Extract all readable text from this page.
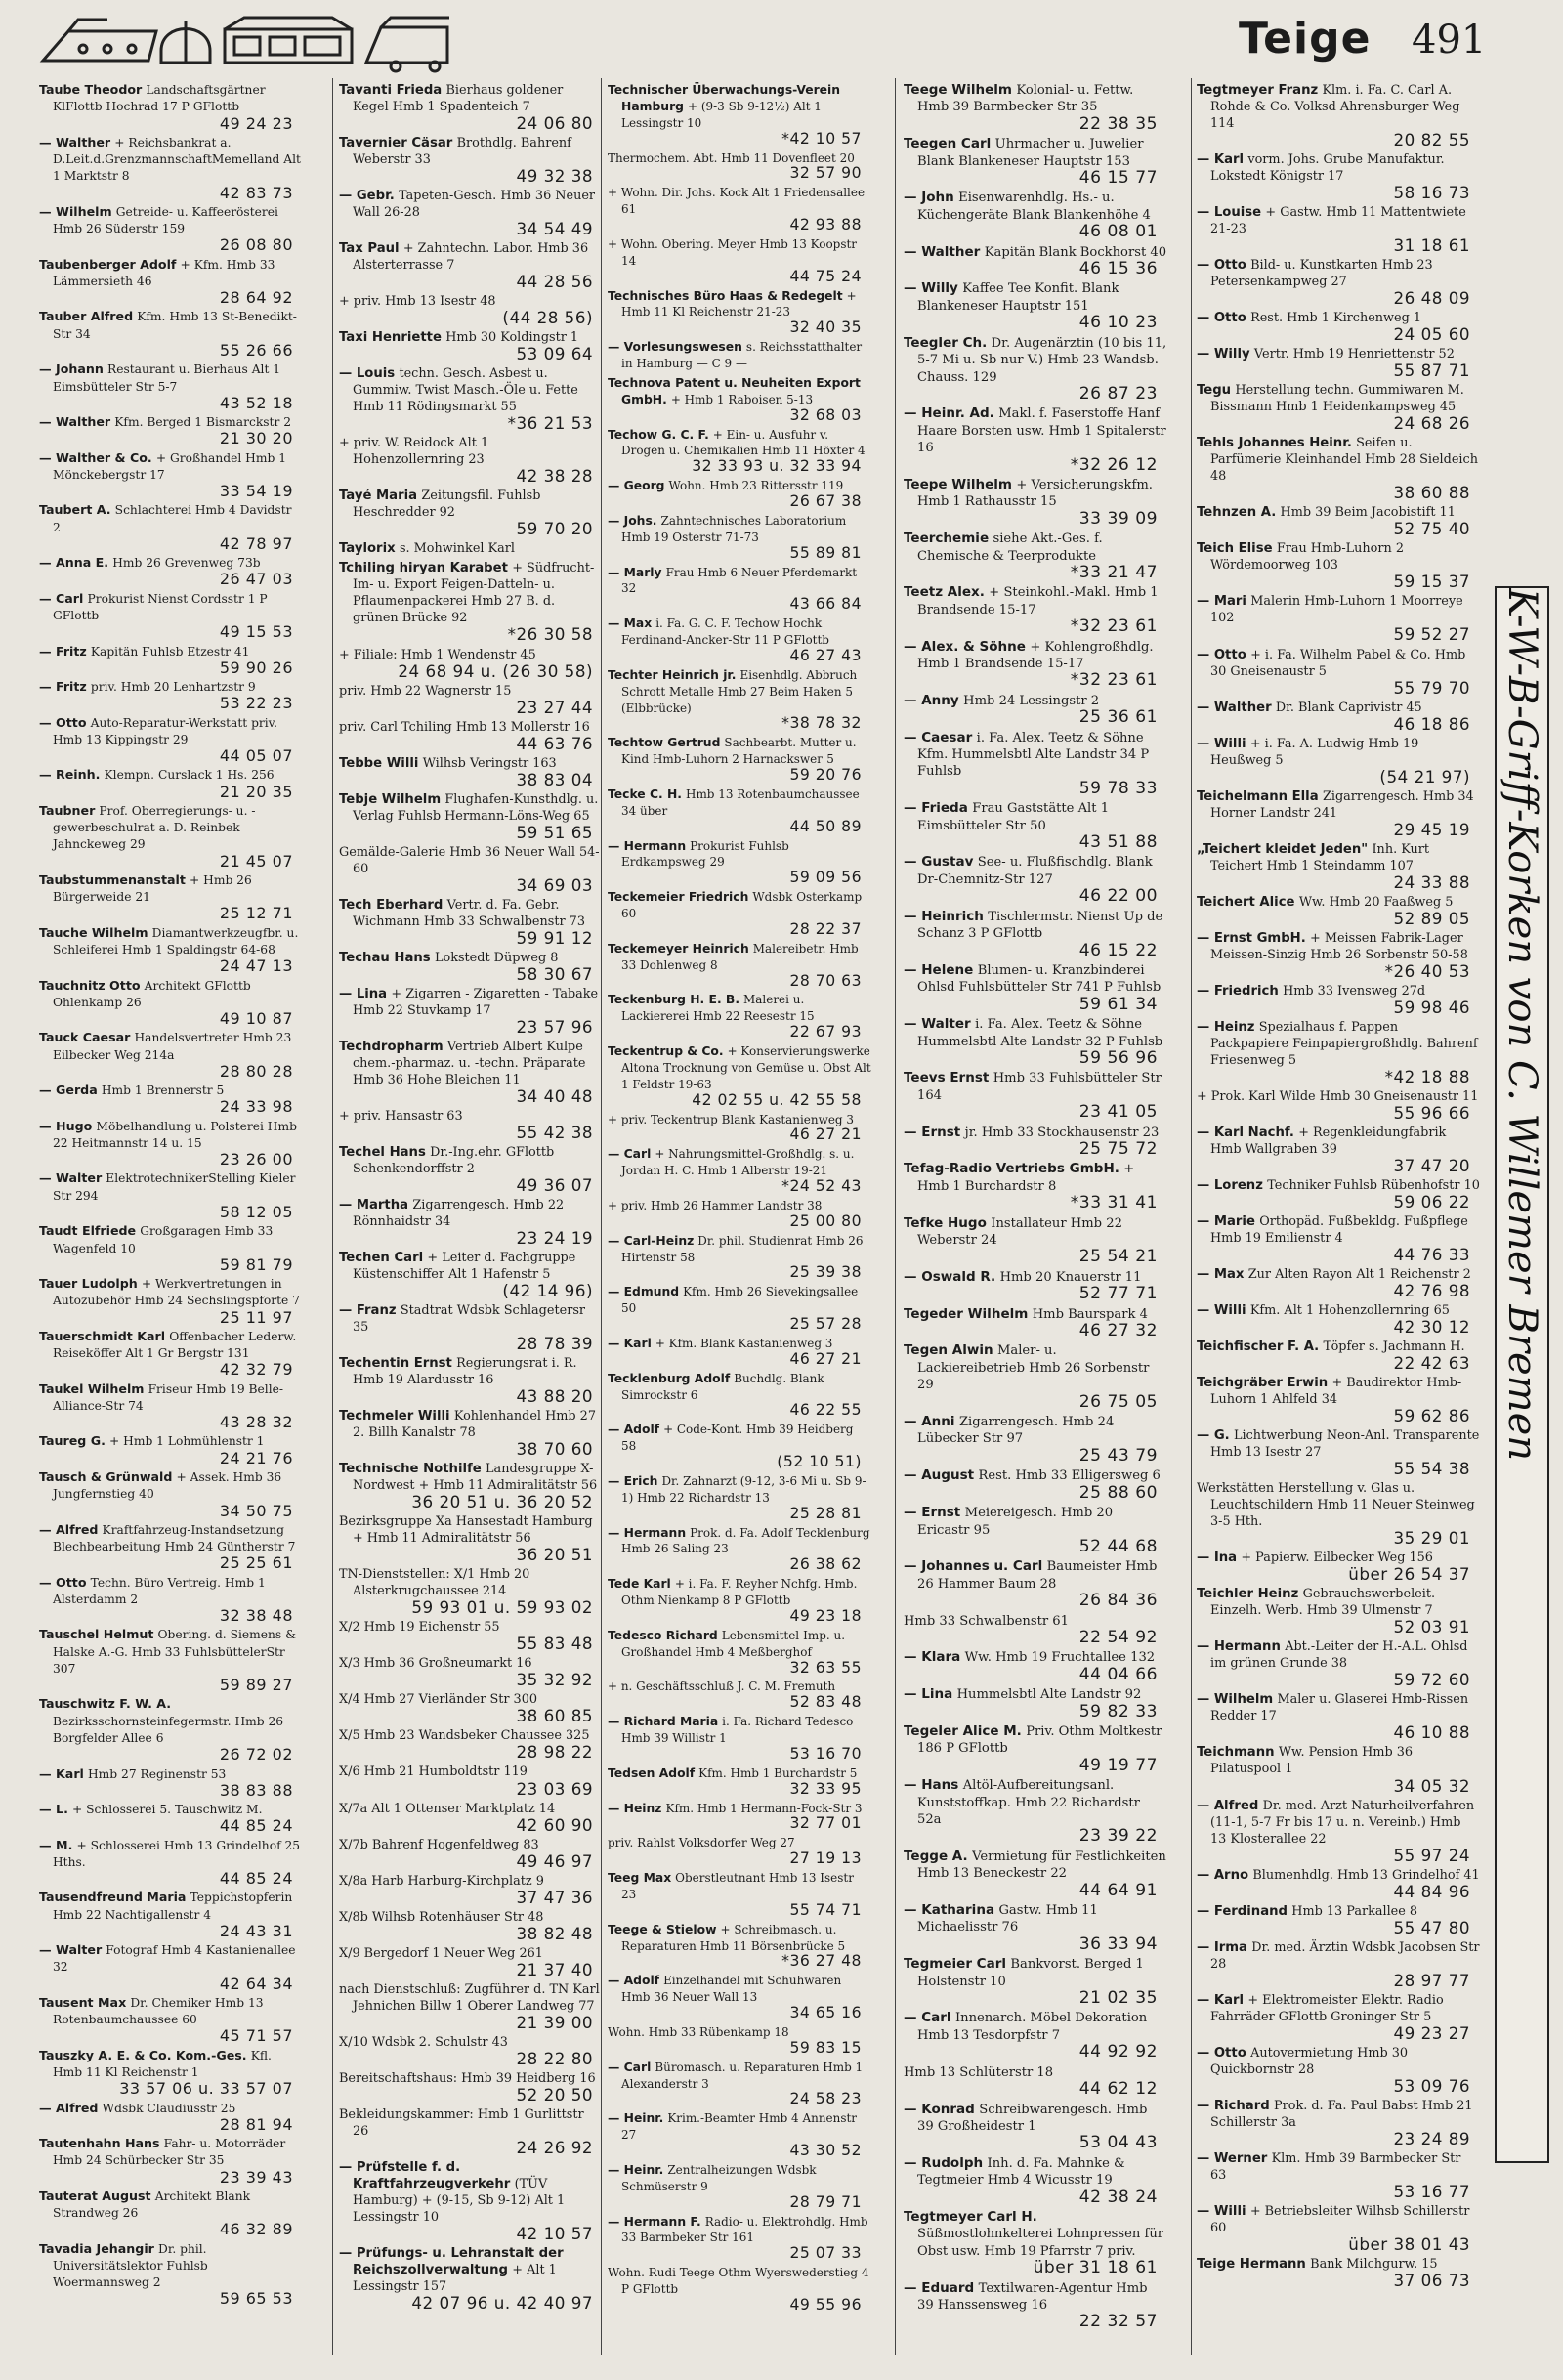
Teige 491
Taube Theodor Landschaftsgärtner KlFlottb Hochrad 17 P GFlottb
49 24 23
— Walther + Reichsbankrat a. D.Leit.d.GrenzmannschaftMemelland Alt 1 Marktstr 8
42 83 73
— Wilhelm Getreide- u. Kaffeerösterei Hmb 26 Süderstr 159
26 08 80
Taubenberger Adolf + Kfm. Hmb 33 Lämmersieth 46
28 64 92
Tauber Alfred Kfm. Hmb 13 St-Benedikt-Str 34
55 26 66
— Johann Restaurant u. Bierhaus Alt 1 Eimsbütteler Str 5-7
43 52 18
— Walther Kfm. Berged 1 Bismarckstr 2
21 30 20
— Walther & Co. + Großhandel Hmb 1 Mönckebergstr 17
33 54 19
Taubert A. Schlachterei Hmb 4 Davidstr 2
42 78 97
— Anna E. Hmb 26 Grevenweg 73b
26 47 03
— Carl Prokurist Nienst Cordsstr 1 P GFlottb
49 15 53
— Fritz Kapitän Fuhlsb Etzestr 41
59 90 26
— Fritz priv. Hmb 20 Lenhartzstr 9
53 22 23
— Otto Auto-Reparatur-Werkstatt priv. Hmb 13 Kippingstr 29
44 05 07
— Reinh. Klempn. Curslack 1 Hs. 256
21 20 35
Taubner Prof. Oberregierungs- u. -gewerbeschulrat a. D. Reinbek Jahnckeweg 29
21 45 07
Taubstummenanstalt + Hmb 26 Bürgerweide 21
25 12 71
Tauche Wilhelm Diamantwerkzeugfbr. u. Schleiferei Hmb 1 Spaldingstr 64-68
24 47 13
Tauchnitz Otto Architekt GFlottb Ohlenkamp 26
49 10 87
Tauck Caesar Handelsvertreter Hmb 23 Eilbecker Weg 214a
28 80 28
— Gerda Hmb 1 Brennerstr 5
24 33 98
— Hugo Möbelhandlung u. Polsterei Hmb 22 Heitmannstr 14 u. 15
23 26 00
— Walter ElektrotechnikerStelling Kieler Str 294
58 12 05
Taudt Elfriede Großgaragen Hmb 33 Wagenfeld 10
59 81 79
Tauer Ludolph + Werkvertretungen in Autozubehör Hmb 24 Sechslingspforte 7
25 11 97
Tauerschmidt Karl Offenbacher Lederw. Reiseköffer Alt 1 Gr Bergstr 131
42 32 79
Taukel Wilhelm Friseur Hmb 19 Belle-Alliance-Str 74
43 28 32
Taureg G. + Hmb 1 Lohmühlenstr 1
24 21 76
Tausch & Grünwald + Assek. Hmb 36 Jungfernstieg 40
34 50 75
— Alfred Kraftfahrzeug-Instandsetzung Blechbearbeitung Hmb 24 Güntherstr 7
25 25 61
— Otto Techn. Büro Vertreig. Hmb 1 Alsterdamm 2
32 38 48
Tauschel Helmut Obering. d. Siemens & Halske A.-G. Hmb 33 FuhlsbüttelerStr 307
59 89 27
Tauschwitz F. W. A. Bezirksschornsteinfegermstr. Hmb 26 Borgfelder Allee 6
26 72 02
— Karl Hmb 27 Reginenstr 53
38 83 88
— L. + Schlosserei 5. Tauschwitz M.
44 85 24
— M. + Schlosserei Hmb 13 Grindelhof 25 Hths.
44 85 24
Tausendfreund Maria Teppichstopferin Hmb 22 Nachtigallenstr 4
24 43 31
— Walter Fotograf Hmb 4 Kastanienallee 32
42 64 34
Tausent Max Dr. Chemiker Hmb 13 Rotenbaumchaussee 60
45 71 57
Tauszky A. E. & Co. Kom.-Ges. Kfl. Hmb 11 Kl Reichenstr 1
33 57 06 u. 33 57 07
— Alfred Wdsbk Claudiusstr 25
28 81 94
Tautenhahn Hans Fahr- u. Motorräder Hmb 24 Schürbecker Str 35
23 39 43
Tauterat August Architekt Blank Strandweg 26
46 32 89
Tavadia Jehangir Dr. phil. Universitätslektor Fuhlsb Woermannsweg 2
59 65 53
Tavanti Frieda Bierhaus goldener Kegel Hmb 1 Spadenteich 7
24 06 80
Tavernier Cäsar Brothdlg. Bahrenf Weberstr 33
49 32 38
— Gebr. Tapeten-Gesch. Hmb 36 Neuer Wall 26-28
34 54 49
Tax Paul + Zahntechn. Labor. Hmb 36 Alsterterrasse 7
44 28 56
+ priv. Hmb 13 Isestr 48
(44 28 56)
Taxi Henriette Hmb 30 Koldingstr 1
53 09 64
— Louis techn. Gesch. Asbest u. Gummiw. Twist Masch.-Öle u. Fette Hmb 11 Rödingsmarkt 55
*36 21 53
+ priv. W. Reidock Alt 1 Hohenzollernring 23
42 38 28
Tayé Maria Zeitungsfil. Fuhlsb Heschredder 92
59 70 20
Taylorix s. Mohwinkel Karl
Tchiling hiryan Karabet + Südfrucht- Im- u. Export Feigen-Datteln- u. Pflaumenpackerei Hmb 27 B. d. grünen Brücke 92
*26 30 58
+ Filiale: Hmb 1 Wendenstr 45
24 68 94 u. (26 30 58)
priv. Hmb 22 Wagnerstr 15
23 27 44
priv. Carl Tchiling Hmb 13 Mollerstr 16
44 63 76
Tebbe Willi Wilhsb Veringstr 163
38 83 04
Tebje Wilhelm Flughafen-Kunsthdlg. u. Verlag Fuhlsb Hermann-Löns-Weg 65
59 51 65
Gemälde-Galerie Hmb 36 Neuer Wall 54-60
34 69 03
Tech Eberhard Vertr. d. Fa. Gebr. Wichmann Hmb 33 Schwalbenstr 73
59 91 12
Techau Hans Lokstedt Düpweg 8
58 30 67
— Lina + Zigarren - Zigaretten - Tabake Hmb 22 Stuvkamp 17
23 57 96
Techdropharm Vertrieb Albert Kulpe chem.-pharmaz. u. -techn. Präparate Hmb 36 Hohe Bleichen 11
34 40 48
+ priv. Hansastr 63
55 42 38
Techel Hans Dr.-Ing.ehr. GFlottb Schenkendorffstr 2
49 36 07
— Martha Zigarrengesch. Hmb 22 Rönnhaidstr 34
23 24 19
Techen Carl + Leiter d. Fachgruppe Küstenschiffer Alt 1 Hafenstr 5
(42 14 96)
— Franz Stadtrat Wdsbk Schlagetersr 35
28 78 39
Techentin Ernst Regierungsrat i. R. Hmb 19 Alardusstr 16
43 88 20
Techmeler Willi Kohlenhandel Hmb 27 2. Billh Kanalstr 78
38 70 60
Technische Nothilfe Landesgruppe X-Nordwest + Hmb 11 Admiralitätstr 56
36 20 51 u. 36 20 52
Bezirksgruppe Xa Hansestadt Hamburg + Hmb 11 Admiralitätstr 56
36 20 51
TN-Dienststellen: X/1 Hmb 20 Alsterkrugchaussee 214
59 93 01 u. 59 93 02
X/2 Hmb 19 Eichenstr 55
55 83 48
X/3 Hmb 36 Großneumarkt 16
35 32 92
X/4 Hmb 27 Vierländer Str 300
38 60 85
X/5 Hmb 23 Wandsbeker Chaussee 325
28 98 22
X/6 Hmb 21 Humboldtstr 119
23 03 69
X/7a Alt 1 Ottenser Marktplatz 14
42 60 90
X/7b Bahrenf Hogenfeldweg 83
49 46 97
X/8a Harb Harburg-Kirchplatz 9
37 47 36
X/8b Wilhsb Rotenhäuser Str 48
38 82 48
X/9 Bergedorf 1 Neuer Weg 261
21 37 40
nach Dienstschluß: Zugführer d. TN Karl Jehnichen Billw 1 Oberer Landweg 77
21 39 00
X/10 Wdsbk 2. Schulstr 43
28 22 80
Bereitschaftshaus: Hmb 39 Heidberg 16
52 20 50
Bekleidungskammer: Hmb 1 Gurlittstr 26
24 26 92
— Prüfstelle f. d. Kraftfahrzeugverkehr (TÜV Hamburg) + (9-15, Sb 9-12) Alt 1 Lessingstr 10
42 10 57
— Prüfungs- u. Lehranstalt der Reichszollverwaltung + Alt 1 Lessingstr 157
42 07 96 u. 42 40 97
Technischer Überwachungs-Verein Hamburg + (9-3 Sb 9-12½) Alt 1 Lessingstr 10
*42 10 57
Thermochem. Abt. Hmb 11 Dovenfleet 20
32 57 90
+ Wohn. Dir. Johs. Kock Alt 1 Friedensallee 61
42 93 88
+ Wohn. Obering. Meyer Hmb 13 Koopstr 14
44 75 24
Technisches Büro Haas & Redegelt + Hmb 11 Kl Reichenstr 21-23
32 40 35
— Vorlesungswesen s. Reichsstatthalter in Hamburg — C 9 —
Technova Patent u. Neuheiten Export GmbH. + Hmb 1 Raboisen 5-13
32 68 03
Techow G. C. F. + Ein- u. Ausfuhr v. Drogen u. Chemikalien Hmb 11 Höxter 4
32 33 93 u. 32 33 94
— Georg Wohn. Hmb 23 Rittersstr 119
26 67 38
— Johs. Zahntechnisches Laboratorium Hmb 19 Osterstr 71-73
55 89 81
— Marly Frau Hmb 6 Neuer Pferdemarkt 32
43 66 84
— Max i. Fa. G. C. F. Techow Hochk Ferdinand-Ancker-Str 11 P GFlottb
46 27 43
Techter Heinrich jr. Eisenhdlg. Abbruch Schrott Metalle Hmb 27 Beim Haken 5 (Elbbrücke)
*38 78 32
Techtow Gertrud Sachbearbt. Mutter u. Kind Hmb-Luhorn 2 Harnackswег 5
59 20 76
Tecke C. H. Hmb 13 Rotenbaumchaussee 34 über
44 50 89
— Hermann Prokurist Fuhlsb Erdkampsweg 29
59 09 56
Teckemeier Friedrich Wdsbk Osterkamp 60
28 22 37
Teckemeyer Heinrich Malereibetr. Hmb 33 Dohlenweg 8
28 70 63
Teckenburg H. E. B. Malerei u. Lackiererei Hmb 22 Reesestr 15
22 67 93
Teckentrup & Co. + Konservierungswerke Altona Trocknung von Gemüse u. Obst Alt 1 Feldstr 19-63
42 02 55 u. 42 55 58
+ priv. Teckentrup Blank Kastanienweg 3
46 27 21
— Carl + Nahrungsmittel-Großhdlg. s. u. Jordan H. C. Hmb 1 Alberstr 19-21
*24 52 43
+ priv. Hmb 26 Hammer Landstr 38
25 00 80
— Carl-Heinz Dr. phil. Studienrat Hmb 26 Hirtenstr 58
25 39 38
— Edmund Kfm. Hmb 26 Sievekingsallee 50
25 57 28
— Karl + Kfm. Blank Kastanienweg 3
46 27 21
Tecklenburg Adolf Buchdlg. Blank Simrockstr 6
46 22 55
— Adolf + Code-Kont. Hmb 39 Heidberg 58
(52 10 51)
— Erich Dr. Zahnarzt (9-12, 3-6 Mi u. Sb 9-1) Hmb 22 Richardstr 13
25 28 81
— Hermann Prok. d. Fa. Adolf Tecklenburg Hmb 26 Saling 23
26 38 62
Tede Karl + i. Fa. F. Reyher Nchfg. Hmb. Othm Nienkamp 8 P GFlottb
49 23 18
Tedesco Richard Lebensmittel-Imp. u. Großhandel Hmb 4 Meßberghof
32 63 55
+ n. Geschäftsschluß J. C. M. Fremuth
52 83 48
— Richard Maria i. Fa. Richard Tedesco Hmb 39 Willistr 1
53 16 70
Tedsen Adolf Kfm. Hmb 1 Burchardstr 5
32 33 95
— Heinz Kfm. Hmb 1 Hermann-Fock-Str 3
32 77 01
priv. Rahlst Volksdorfer Weg 27
27 19 13
Teeg Max Oberstleutnant Hmb 13 Isestr 23
55 74 71
Teege & Stielow + Schreibmasch. u. Reparaturen Hmb 11 Börsenbrücke 5
*36 27 48
— Adolf Einzelhandel mit Schuhwaren Hmb 36 Neuer Wall 13
34 65 16
Wohn. Hmb 33 Rübenkamp 18
59 83 15
— Carl Büromasch. u. Reparaturen Hmb 1 Alexanderstr 3
24 58 23
— Heinr. Krim.-Beamter Hmb 4 Annenstr 27
43 30 52
— Heinr. Zentralheizungen Wdsbk Schmüserstr 9
28 79 71
— Hermann F. Radio- u. Elektrohdlg. Hmb 33 Barmbeker Str 161
25 07 33
Wohn. Rudi Teege Othm Wyerswederstieg 4 P GFlottb
49 55 96
Teege Wilhelm Kolonial- u. Fettw. Hmb 39 Barmbecker Str 35
22 38 35
Teegen Carl Uhrmacher u. Juwelier Blank Blankeneser Hauptstr 153
46 15 77
— John Eisenwarenhdlg. Hs.- u. Küchengeräte Blank Blankenhöhe 4
46 08 01
— Walther Kapitän Blank Bockhorst 40
46 15 36
— Willy Kaffee Tee Konfit. Blank Blankeneser Hauptstr 151
46 10 23
Teegler Ch. Dr. Augenärztin (10 bis 11, 5-7 Mi u. Sb nur V.) Hmb 23 Wandsb. Chauss. 129
26 87 23
— Heinr. Ad. Makl. f. Faserstoffe Hanf Haare Borsten usw. Hmb 1 Spitalerstr 16
*32 26 12
Teepe Wilhelm + Versicherungskfm. Hmb 1 Rathausstr 15
33 39 09
Teerchemie siehe Akt.-Ges. f. Chemische & Teerprodukte
*33 21 47
Teetz Alex. + Steinkohl.-Makl. Hmb 1 Brandsende 15-17
*32 23 61
— Alex. & Söhne + Kohlengroßhdlg. Hmb 1 Brandsende 15-17
*32 23 61
— Anny Hmb 24 Lessingstr 2
25 36 61
— Caesar i. Fa. Alex. Teetz & Söhne Kfm. Hummelsbtl Alte Landstr 34 P Fuhlsb
59 78 33
— Frieda Frau Gaststätte Alt 1 Eimsbütteler Str 50
43 51 88
— Gustav See- u. Flußfischdlg. Blank Dr-Chemnitz-Str 127
46 22 00
— Heinrich Tischlermstr. Nienst Up de Schanz 3 P GFlottb
46 15 22
— Helene Blumen- u. Kranzbinderei Ohlsd Fuhlsbütteler Str 741 P Fuhlsb
59 61 34
— Walter i. Fa. Alex. Teetz & Söhne Hummelsbtl Alte Landstr 32 P Fuhlsb
59 56 96
Teevs Ernst Hmb 33 Fuhlsbütteler Str 164
23 41 05
— Ernst jr. Hmb 33 Stockhausenstr 23
25 75 72
Tefag-Radio Vertriebs GmbH. + Hmb 1 Burchardstr 8
*33 31 41
Tefke Hugo Installateur Hmb 22 Weberstr 24
25 54 21
— Oswald R. Hmb 20 Knauerstr 11
52 77 71
Tegeder Wilhelm Hmb Baurspark 4
46 27 32
Tegen Alwin Maler- u. Lackiereibetrieb Hmb 26 Sorbenstr 29
26 75 05
— Anni Zigarrengesch. Hmb 24 Lübecker Str 97
25 43 79
— August Rest. Hmb 33 Elligersweg 6
25 88 60
— Ernst Meiereigesch. Hmb 20 Ericastr 95
52 44 68
— Johannes u. Carl Baumeister Hmb 26 Hammer Baum 28
26 84 36
Hmb 33 Schwalbenstr 61
22 54 92
— Klara Ww. Hmb 19 Fruchtallee 132
44 04 66
— Lina Hummelsbtl Alte Landstr 92
59 82 33
Tegeler Alice M. Priv. Othm Moltkestr 186 P GFlottb
49 19 77
— Hans Altöl-Aufbereitungsanl. Kunststoffkap. Hmb 22 Richardstr 52a
23 39 22
Tegge A. Vermietung für Festlichkeiten Hmb 13 Beneckestr 22
44 64 91
— Katharina Gastw. Hmb 11 Michaelisstr 76
36 33 94
Tegmeier Carl Bankvorst. Berged 1 Holstenstr 10
21 02 35
— Carl Innenarch. Möbel Dekoration Hmb 13 Tesdorpfstr 7
44 92 92
Hmb 13 Schlüterstr 18
44 62 12
— Konrad Schreibwarengesch. Hmb 39 Großheidestr 1
53 04 43
— Rudolph Inh. d. Fa. Mahnke & Tegtmeier Hmb 4 Wicusstr 19
42 38 24
Tegtmeyer Carl H. Süßmostlohnkelterei Lohnpressen für Obst usw. Hmb 19 Pfarrstr 7 priv.
über 31 18 61
— Eduard Textilwaren-Agentur Hmb 39 Hanssensweg 16
22 32 57
Tegtmeyer Franz Klm. i. Fa. C. Carl A. Rohde & Co. Volksd Ahrensburger Weg 114
20 82 55
— Karl vorm. Johs. Grube Manufaktur. Lokstedt Königstr 17
58 16 73
— Louise + Gastw. Hmb 11 Mattentwiete 21-23
31 18 61
— Otto Bild- u. Kunstkarten Hmb 23 Petersenkampweg 27
26 48 09
— Otto Rest. Hmb 1 Kirchenweg 1
24 05 60
— Willy Vertr. Hmb 19 Henriettenstr 52
55 87 71
Tegu Herstellung techn. Gummiwaren M. Bissmann Hmb 1 Heidenkampsweg 45
24 68 26
Tehls Johannes Heinr. Seifen u. Parfümerie Kleinhandel Hmb 28 Sieldeich 48
38 60 88
Tehnzen A. Hmb 39 Beim Jacobistift 11
52 75 40
Teich Elise Frau Hmb-Luhorn 2 Wördemoorweg 103
59 15 37
— Mari Malerin Hmb-Luhorn 1 Moorreye 102
59 52 27
— Otto + i. Fa. Wilhelm Pabel & Co. Hmb 30 Gneisenaustr 5
55 79 70
— Walther Dr. Blank Caprivistr 45
46 18 86
— Willi + i. Fa. A. Ludwig Hmb 19 Heußweg 5
(54 21 97)
Teichelmann Ella Zigarrengesch. Hmb 34 Horner Landstr 241
29 45 19
„Teichert kleidet Jeden" Inh. Kurt Teichert Hmb 1 Steindamm 107
24 33 88
Teichert Alice Ww. Hmb 20 Faaßweg 5
52 89 05
— Ernst GmbH. + Meissen Fabrik-Lager Meissen-Sinzig Hmb 26 Sorbenstr 50-58
*26 40 53
— Friedrich Hmb 33 Ivensweg 27d
59 98 46
— Heinz Spezialhaus f. Pappen Packpapiere Feinpapiergroßhdlg. Bahrenf Friesenweg 5
*42 18 88
+ Prok. Karl Wilde Hmb 30 Gneisenaustr 11
55 96 66
— Karl Nachf. + Regenkleidungfabrik Hmb Wallgraben 39
37 47 20
— Lorenz Techniker Fuhlsb Rübenhofstr 10
59 06 22
— Marie Orthopäd. Fußbekldg. Fußpflege Hmb 19 Emilienstr 4
44 76 33
— Max Zur Alten Rayon Alt 1 Reichenstr 2
42 76 98
— Willi Kfm. Alt 1 Hohenzollernring 65
42 30 12
Teichfischer F. A. Töpfer s. Jachmann H.
22 42 63
Teichgräber Erwin + Baudirektor Hmb-Luhorn 1 Ahlfeld 34
59 62 86
— G. Lichtwerbung Neon-Anl. Transparente Hmb 13 Isestr 27
55 54 38
Werkstätten Herstellung v. Glas u. Leuchtschildern Hmb 11 Neuer Steinweg 3-5 Hth.
35 29 01
— Ina + Papierw. Eilbecker Weg 156
über 26 54 37
Teichler Heinz Gebrauchswerbeleit. Einzelh. Werb. Hmb 39 Ulmenstr 7
52 03 91
— Hermann Abt.-Leiter der H.-A.L. Ohlsd im grünen Grunde 38
59 72 60
— Wilhelm Maler u. Glaserei Hmb-Rissen Redder 17
46 10 88
Teichmann Ww. Pension Hmb 36 Pilatuspool 1
34 05 32
— Alfred Dr. med. Arzt Naturheilverfahren (11-1, 5-7 Fr bis 17 u. n. Vereinb.) Hmb 13 Klosterallee 22
55 97 24
— Arno Blumenhdlg. Hmb 13 Grindelhof 41
44 84 96
— Ferdinand Hmb 13 Parkallee 8
55 47 80
— Irma Dr. med. Ärztin Wdsbk Jacobsen Str 28
28 97 77
— Karl + Elektromeister Elektr. Radio Fahrräder GFlottb Groninger Str 5
49 23 27
— Otto Autovermietung Hmb 30 Quickbornstr 28
53 09 76
— Richard Prok. d. Fa. Paul Babst Hmb 21 Schillerstr 3a
23 24 89
— Werner Klm. Hmb 39 Barmbecker Str 63
53 16 77
— Willi + Betriebsleiter Wilhsb Schillerstr 60
über 38 01 43
Teige Hermann Bank Milchgurw. 15
37 06 73
K-W-B-Griff-Korken von C. Willemer Bremen
